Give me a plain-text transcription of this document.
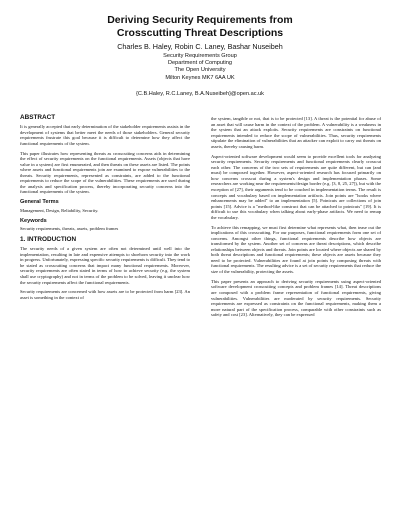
Deriving Security Requirements from
Crosscutting Threat Descriptions
Charles B. Haley, Robin C. Laney, Bashar Nuseibeh
Security Requirements Group
Department of Computing
The Open University
Milton Keynes MK7 6AA UK
{C.B.Haley, R.C.Laney, B.A.Nuseibeh}@open.ac.uk
ABSTRACT

It is generally accepted that early determination of the stakeholder requirements assists in the development of systems that better meet the needs of those stakeholders. General security requirements frustrate this goal because it is difficult to determine how they affect the functional requirements of the system.

This paper illustrates how representing threats as crosscutting concerns aids in determining the effect of security requirements on the functional requirements. Assets (objects that have value in a system) are first enumerated, and then threats on these assets are listed. The points where assets and functional requirements join are examined to expose vulnerabilities to the threats. Security requirements, represented as constraints, are added to the functional requirements to reduce the scope of the vulnerabilities. These requirements are used during the analysis and specification process, thereby incorporating security concerns into the functional requirements of the system.

General Terms

Management, Design, Reliability, Security.

Keywords

Security requirements, threats, assets, problem frames

1. INTRODUCTION

The security needs of a given system are often not determined until well into the implementation, resulting in late and expensive attempts to shoehorn security into the work in progress. Unfortunately, expressing specific security requirements is difficult. They tend to be stated as crosscutting concerns that impact many functional requirements. Moreover, security requirements are often stated in terms of how to achieve security (e.g. the system shall use cryptography) and not in terms of the problem to be solved, leaving it unclear how the security requirements affect the functional requirements.

Security requirements are concerned with how assets are to be protected from harm [23]. An asset is something in the context of

the system, tangible or not, that is to be protected [13]. A threat is the potential for abuse of an asset that will cause harm in the context of the problem. A vulnerability is a weakness in the system that an attack exploits. Security requirements are constraints on functional requirements intended to reduce the scope of vulnerabilities. Thus, security requirements stipulate the elimination of vulnerabilities that an attacker can exploit to carry out threats on assets, thereby causing harm.

Aspect-oriented software development would seem to provide excellent tools for analyzing security requirements. Security requirements and functional requirements clearly crosscut each other. The concerns of the two sets of requirements are quite different, but can (and must) be composed together. However, aspect-oriented research has focused primarily on how concerns crosscut during a system's design and implementation phases. Some researchers are working near the requirements/design border (e.g. [3, 8, 25, 27]), but with the exception of [27], their arguments tend to be couched in implementation terms. The result is concepts and vocabulary based on implementation artifacts. Join points are "hooks where enhancements may be added" to an implementation [5]. Pointcuts are collections of join points [15]. Advice is a "method-like construct that can be attached to pointcuts" [19]. It is difficult to use this vocabulary when talking about early-phase artifacts. We need to remap the vocabulary.

To achieve this remapping, we must first determine what represents what, then tease out the implications of this crosscutting. For our purposes, functional requirements form one set of concerns. Amongst other things, functional requirements describe how objects are transformed by the system. Another set of concerns are threat descriptions, which describe relationships between objects and threats. Join points are located where objects are shared by both threat descriptions and functional requirements; these objects are assets because they need to be protected. Vulnerabilities are found at join points by composing threats with functional requirements. The resulting advice is a set of security requirements that reduce the size of the vulnerability, protecting the assets.

This paper presents an approach to deriving security requirements using aspect-oriented software development crosscutting concepts and problem frames [14]. Threat descriptions are composed with a problem frame representation of functional requirements, giving vulnerabilities. Vulnerabilities are moderated by security requirements. Security requirements are expressed as constraints on the functional requirements, making them a more natural part of the specification process, comparable with other constraints such as safety and cost [23]. Alternatively, they can be expressed
